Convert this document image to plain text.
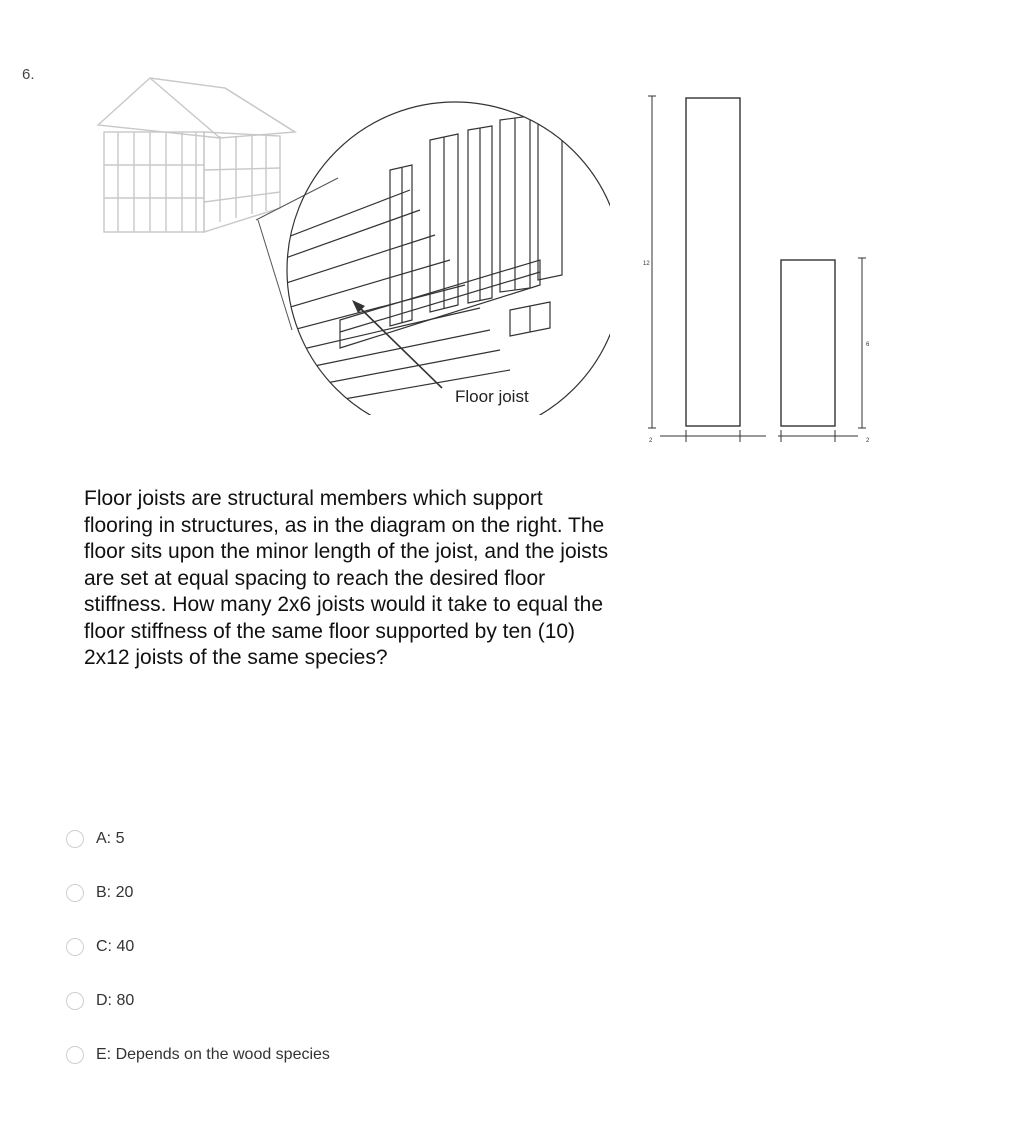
6.
Floor joist
12
2
6
2
Floor joists are structural members which support flooring in structures, as in the diagram on the right. The floor sits upon the minor length of the joist, and the joists are set at equal spacing to reach the desired floor stiffness. How many 2x6 joists would it take to equal the floor stiffness of the same floor supported by ten (10) 2x12 joists of the same species?
A: 5
B: 20
C: 40
D: 80
E: Depends on the wood species
